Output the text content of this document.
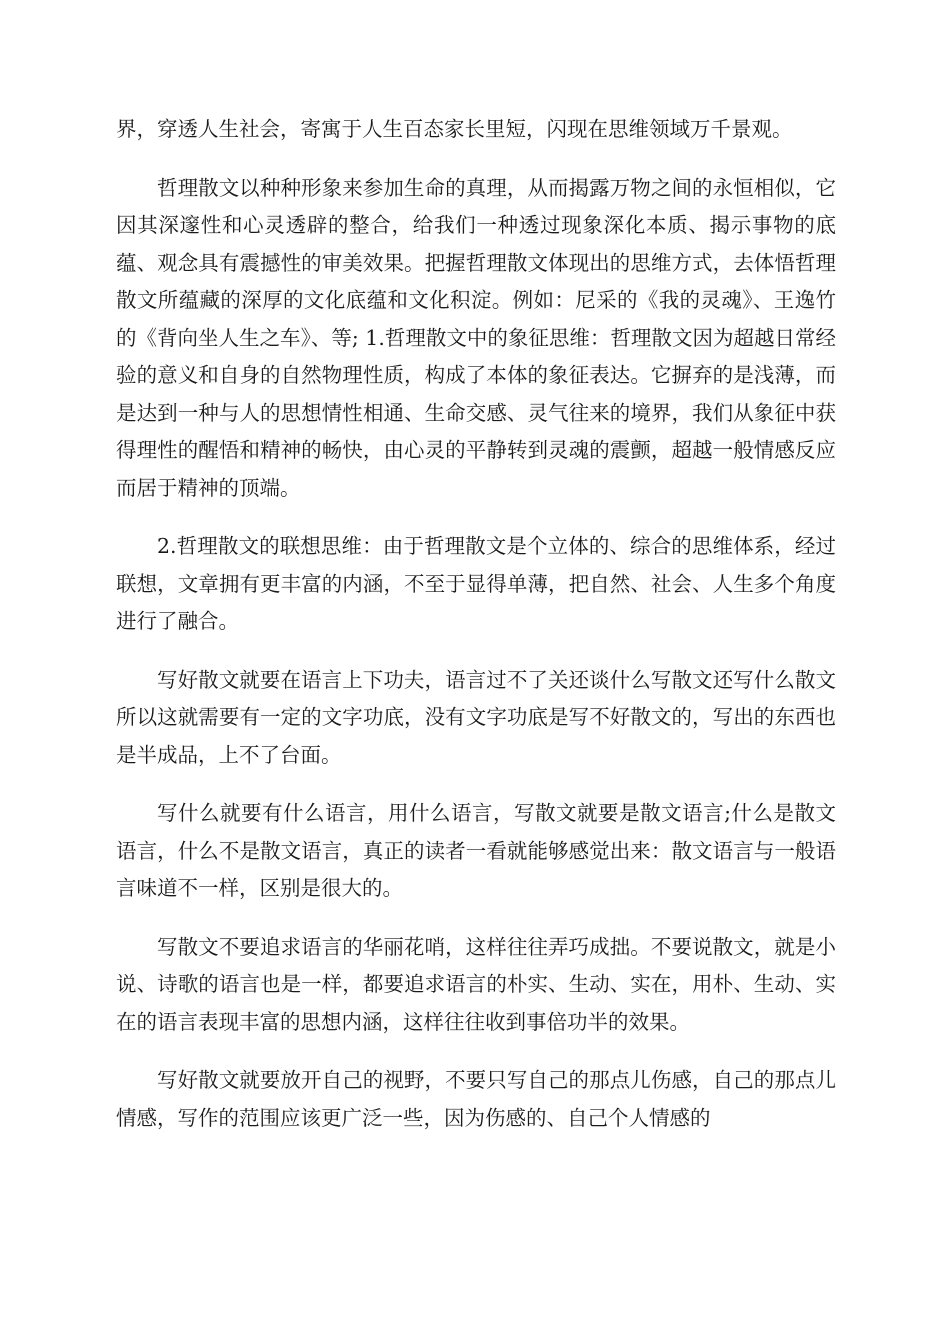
界，穿透人生社会，寄寓于人生百态家长里短，闪现在思维领域万千景观。

哲理散文以种种形象来参加生命的真理，从而揭露万物之间的永恒相似，它因其深邃性和心灵透辟的整合，给我们一种透过现象深化本质、揭示事物的底蕴、观念具有震撼性的审美效果。把握哲理散文体现出的思维方式，去体悟哲理散文所蕴藏的深厚的文化底蕴和文化积淀。例如：尼采的《我的灵魂》、王逸竹的《背向坐人生之车》、等; 1.哲理散文中的象征思维：哲理散文因为超越日常经验的意义和自身的自然物理性质，构成了本体的象征表达。它摒弃的是浅薄，而是达到一种与人的思想情性相通、生命交感、灵气往来的境界，我们从象征中获得理性的醒悟和精神的畅快，由心灵的平静转到灵魂的震颤，超越一般情感反应而居于精神的顶端。

2.哲理散文的联想思维：由于哲理散文是个立体的、综合的思维体系，经过联想，文章拥有更丰富的内涵，不至于显得单薄，把自然、社会、人生多个角度进行了融合。

写好散文就要在语言上下功夫，语言过不了关还谈什么写散文还写什么散文所以这就需要有一定的文字功底，没有文字功底是写不好散文的，写出的东西也是半成品，上不了台面。

写什么就要有什么语言，用什么语言，写散文就要是散文语言;什么是散文语言，什么不是散文语言，真正的读者一看就能够感觉出来：散文语言与一般语言味道不一样，区别是很大的。

写散文不要追求语言的华丽花哨，这样往往弄巧成拙。不要说散文，就是小说、诗歌的语言也是一样，都要追求语言的朴实、生动、实在，用朴、生动、实在的语言表现丰富的思想内涵，这样往往收到事倍功半的效果。

写好散文就要放开自己的视野，不要只写自己的那点儿伤感，自己的那点儿情感，写作的范围应该更广泛一些，因为伤感的、自己个人情感的
